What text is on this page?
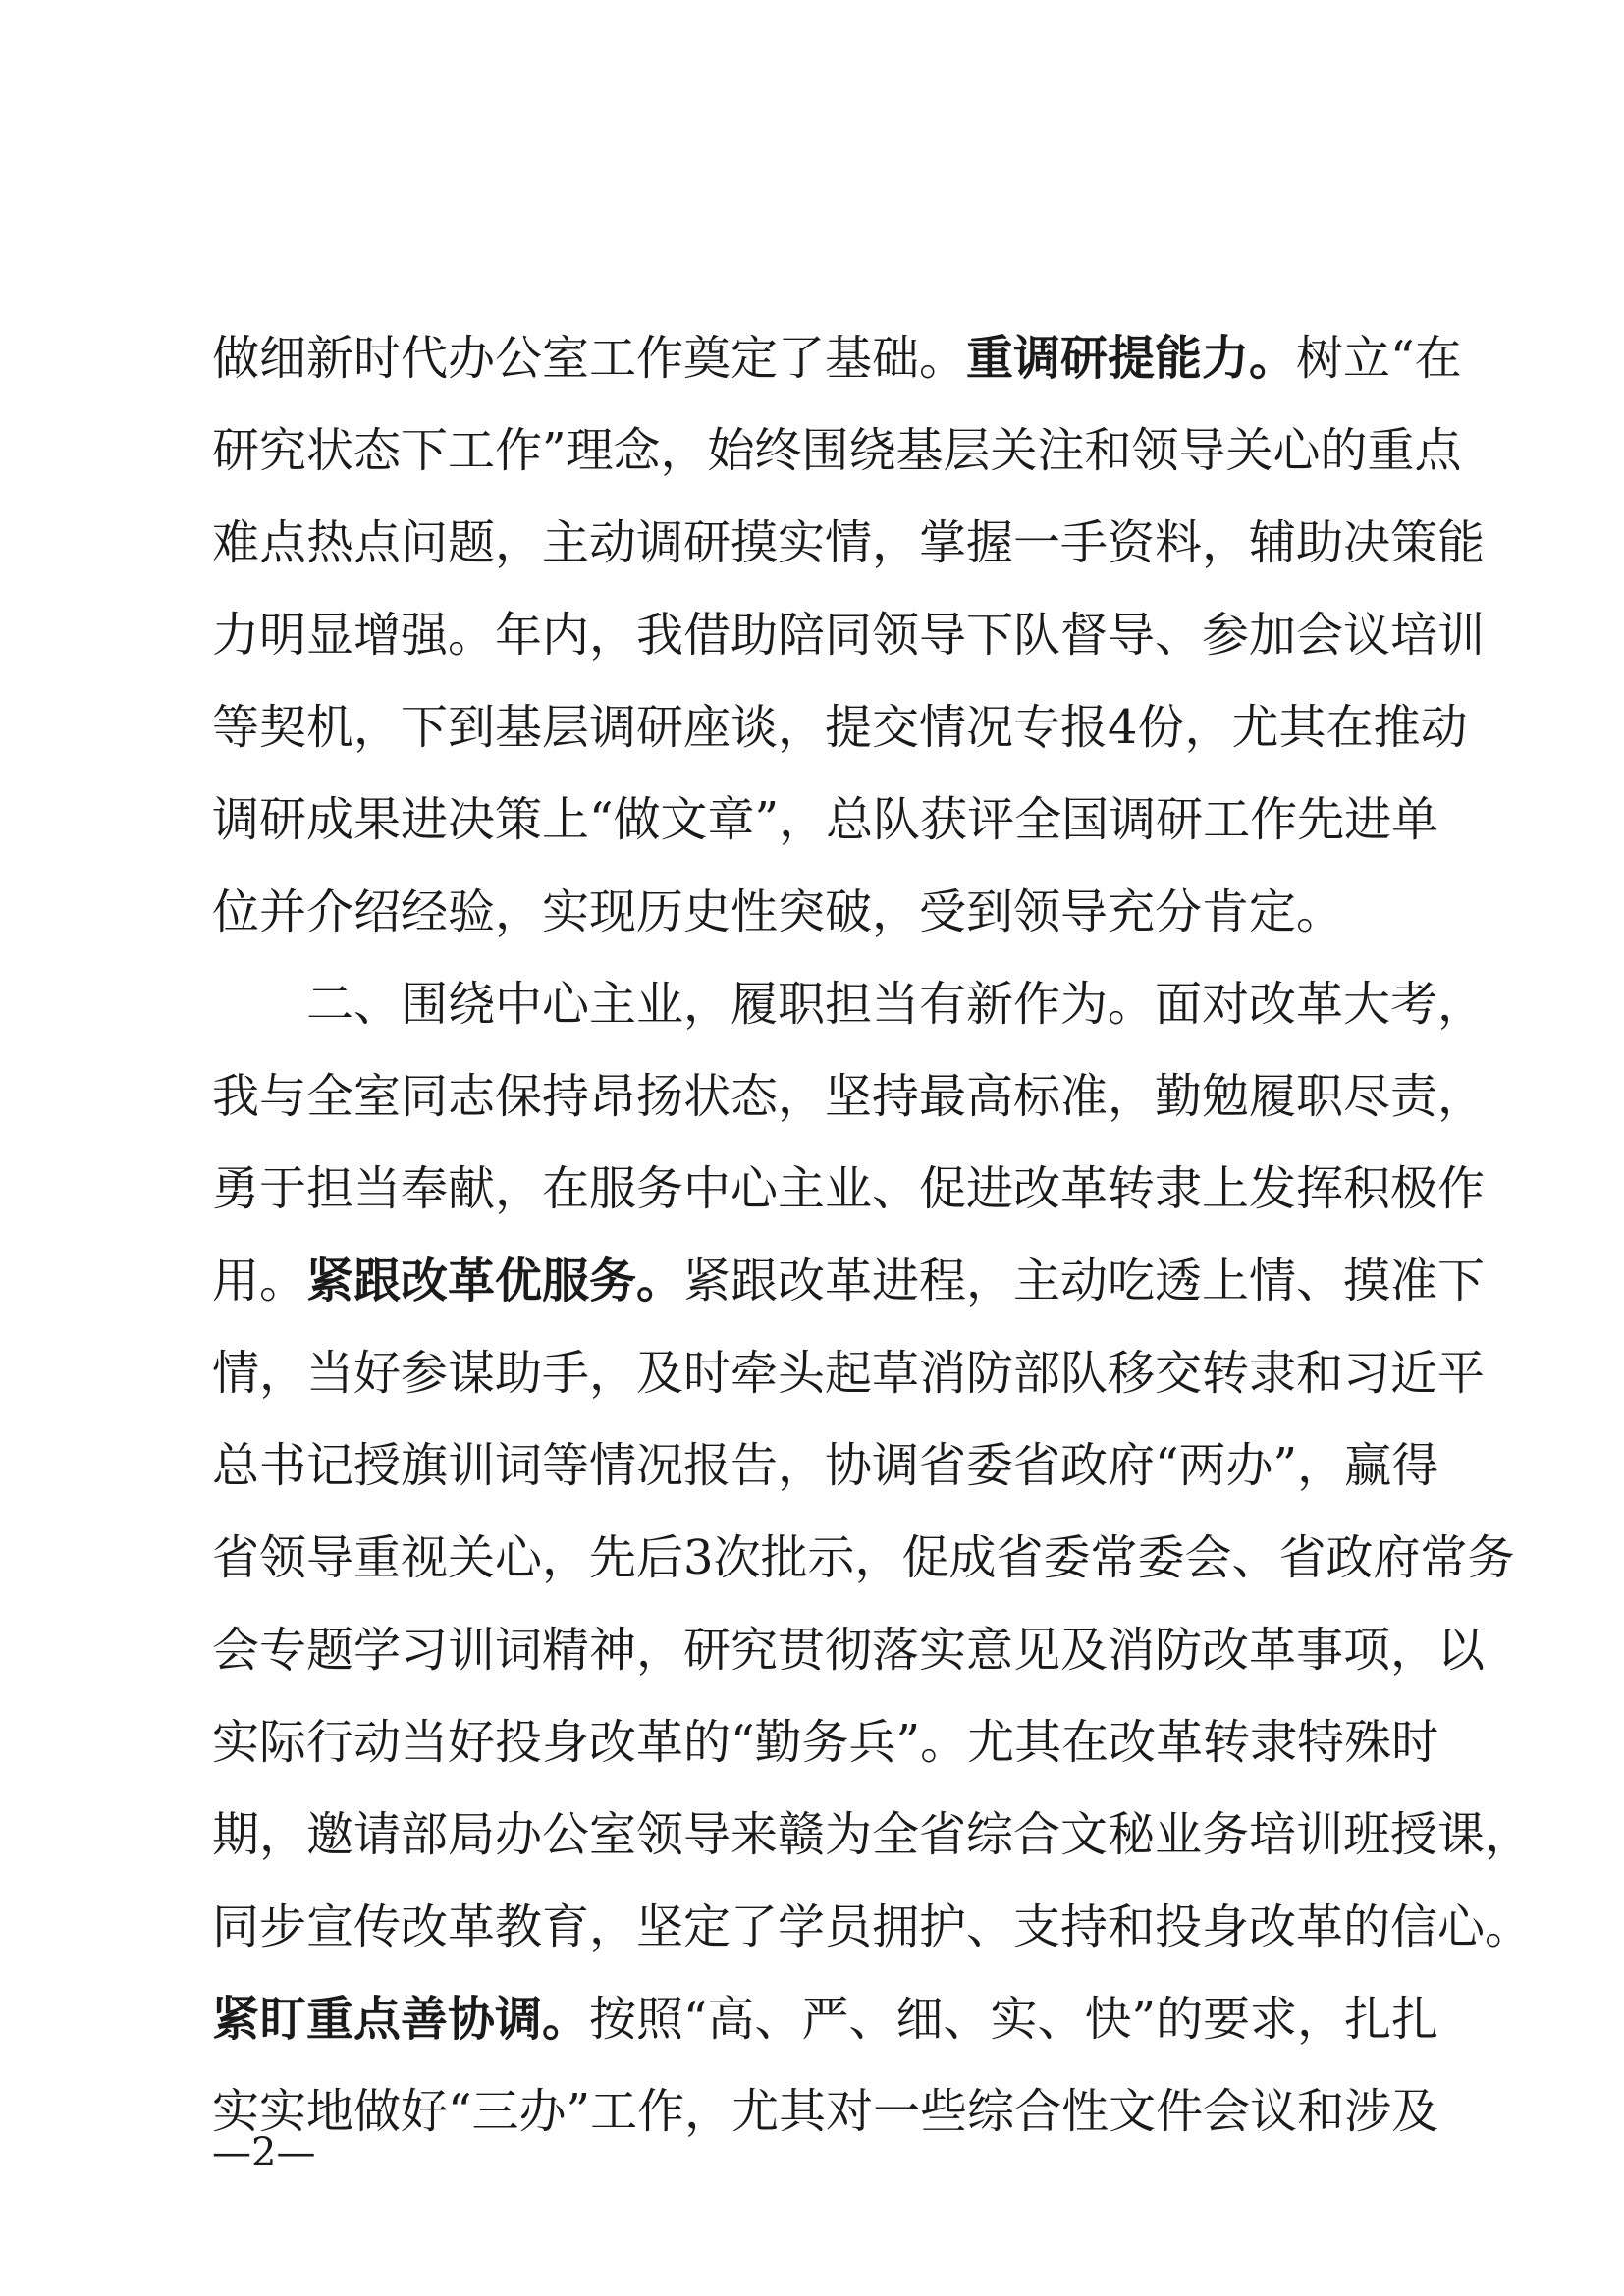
做细新时代办公室工作奠定了基础。重调研提能力。树立“在
研究状态下工作”理念，始终围绕基层关注和领导关心的重点
难点热点问题，主动调研摸实情，掌握一手资料，辅助决策能
力明显增强。年内，我借助陪同领导下队督导、参加会议培训
等契机，下到基层调研座谈，提交情况专报4份，尤其在推动
调研成果进决策上“做文章”，总队获评全国调研工作先进单
位并介绍经验，实现历史性突破，受到领导充分肯定。
二、围绕中心主业，履职担当有新作为。面对改革大考，
我与全室同志保持昂扬状态，坚持最高标准，勤勉履职尽责，
勇于担当奉献，在服务中心主业、促进改革转隶上发挥积极作
用。紧跟改革优服务。紧跟改革进程，主动吃透上情、摸准下
情，当好参谋助手，及时牵头起草消防部队移交转隶和习近平
总书记授旗训词等情况报告，协调省委省政府“两办”，赢得
省领导重视关心，先后3次批示，促成省委常委会、省政府常务
会专题学习训词精神，研究贯彻落实意见及消防改革事项，以
实际行动当好投身改革的“勤务兵”。尤其在改革转隶特殊时
期，邀请部局办公室领导来赣为全省综合文秘业务培训班授课，
同步宣传改革教育，坚定了学员拥护、支持和投身改革的信心。
紧盯重点善协调。按照“高、严、细、实、快”的要求，扎扎
实实地做好“三办”工作，尤其对一些综合性文件会议和涉及
—2—
